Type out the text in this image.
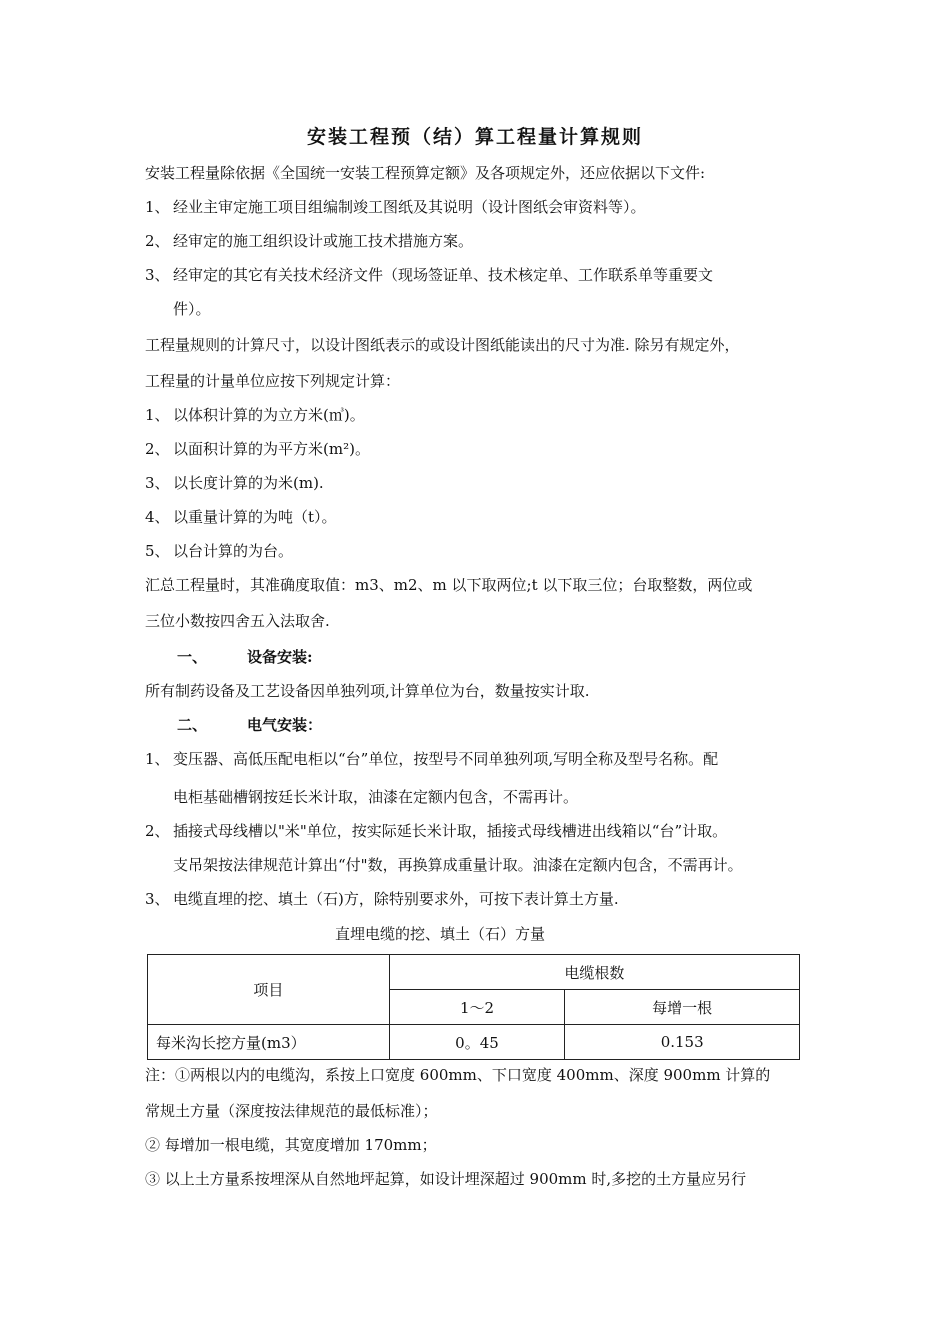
安装工程预（结）算工程量计算规则
安装工程量除依据《全国统一安装工程预算定额》及各项规定外，还应依据以下文件:
1、 经业主审定施工项目组编制竣工图纸及其说明（设计图纸会审资料等）。
2、 经审定的施工组织设计或施工技术措施方案。
3、 经审定的其它有关技术经济文件（现场签证单、技术核定单、工作联系单等重要文
件）。
工程量规则的计算尺寸，以设计图纸表示的或设计图纸能读出的尺寸为准. 除另有规定外，
工程量的计量单位应按下列规定计算：
1、 以体积计算的为立方米(㎥)。
2、 以面积计算的为平方米(m²)。
3、 以长度计算的为米(m).
4、 以重量计算的为吨（t）。
5、 以台计算的为台。
汇总工程量时，其准确度取值：m3、m2、m 以下取两位;t 以下取三位；台取整数，两位或
三位小数按四舍五入法取舍.
一、	设备安装:
所有制药设备及工艺设备因单独列项,计算单位为台，数量按实计取.
二、	电气安装：
1、 变压器、高低压配电柜以“台”单位，按型号不同单独列项,写明全称及型号名称。配
电柜基础槽钢按廷长米计取，油漆在定额内包含，不需再计。
2、 插接式母线槽以"米"单位，按实际延长米计取，插接式母线槽进出线箱以“台”计取。
支吊架按法律规范计算出“付"数，再换算成重量计取。油漆在定额内包含，不需再计。
3、 电缆直埋的挖、填土（石)方，除特别要求外，可按下表计算土方量.
直埋电缆的挖、填土（石）方量
项目	电缆根数	
	1～2	每增一根
每米沟长挖方量(m3）	0。45	0.153
注：①两根以内的电缆沟，系按上口宽度 600mm、下口宽度 400mm、深度 900mm 计算的
常规土方量（深度按法律规范的最低标准）；
② 每增加一根电缆，其宽度增加 170mm；
③ 以上土方量系按埋深从自然地坪起算，如设计埋深超过 900mm 时,多挖的土方量应另行
